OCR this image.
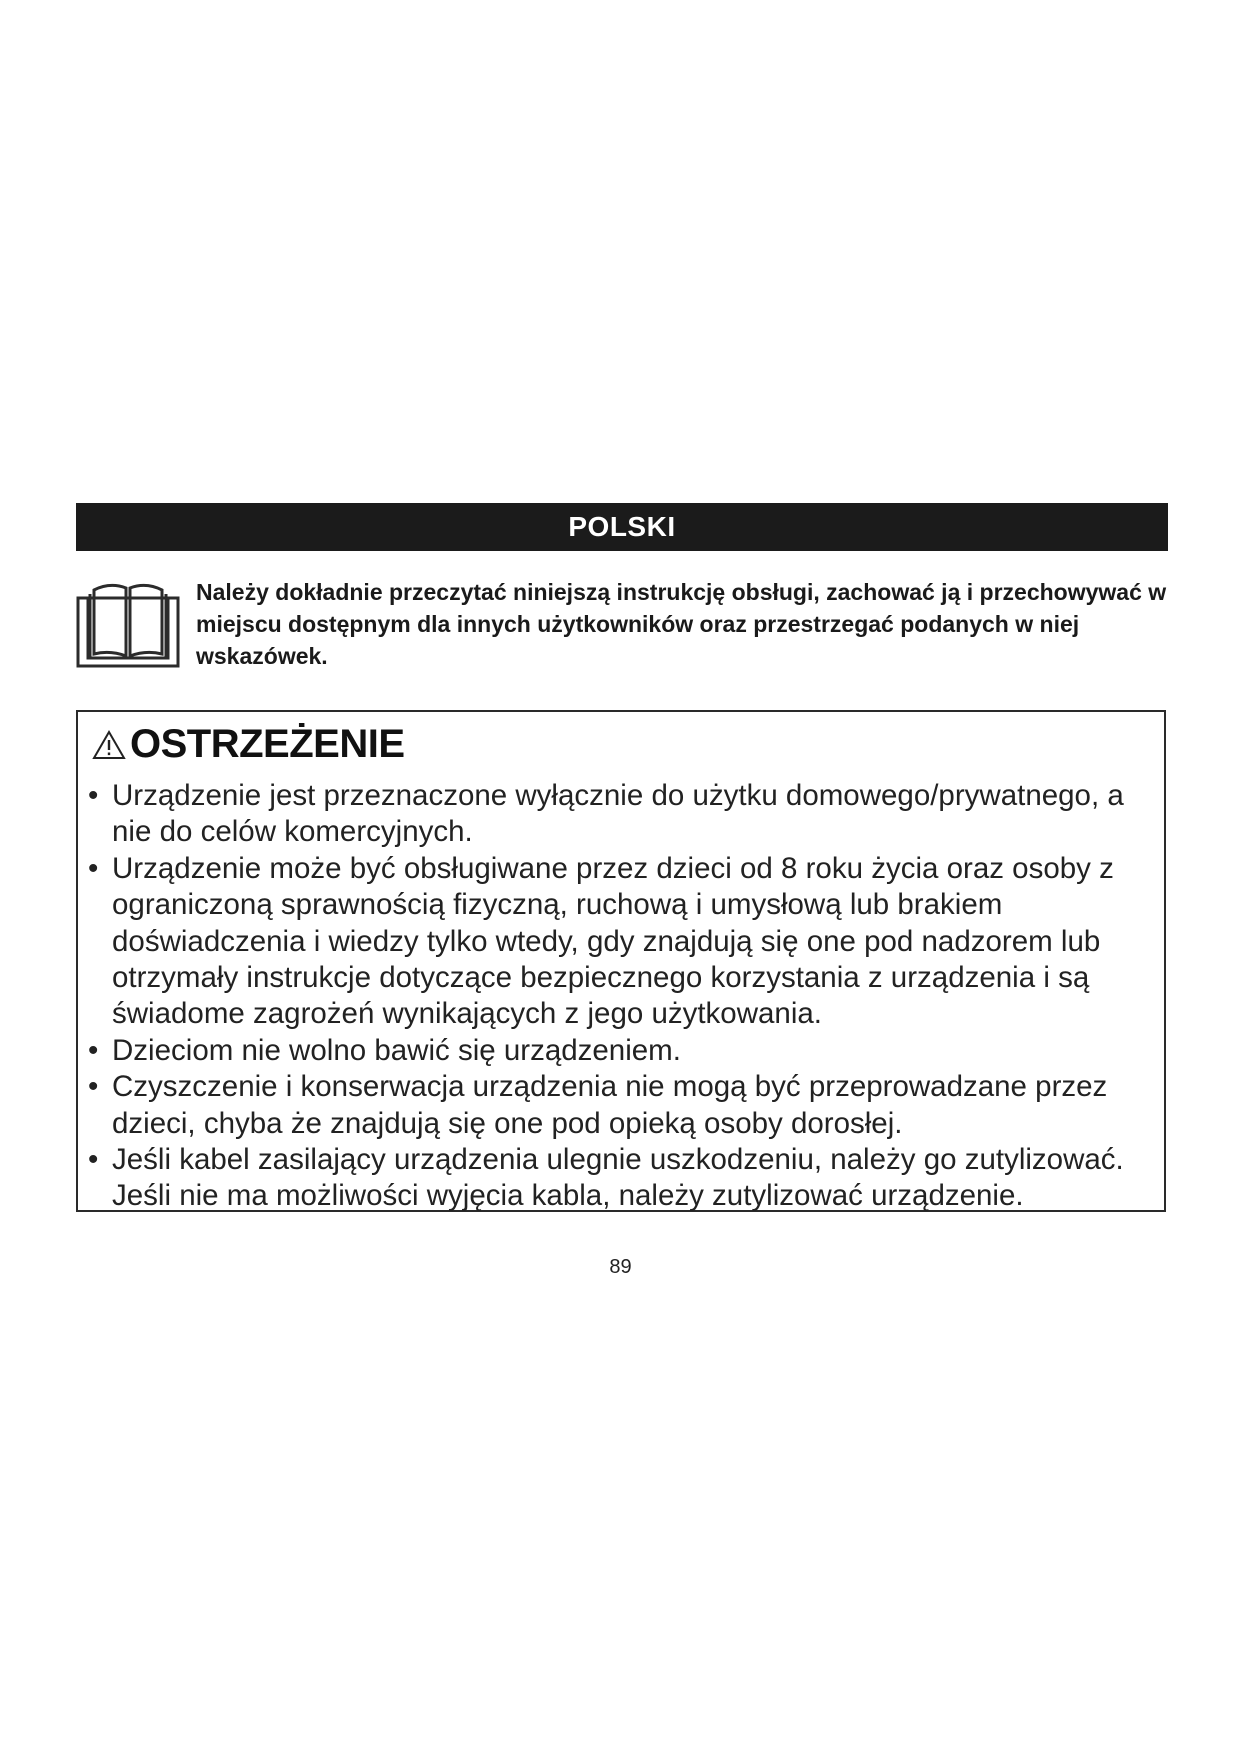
POLSKI
Należy dokładnie przeczytać niniejszą instrukcję obsługi, zachować ją i przechowywać w miejscu dostępnym dla innych użytkowników oraz przestrzegać podanych w niej wskazówek.
OSTRZEŻENIE
• Urządzenie jest przeznaczone wyłącznie do użytku domowego/prywatnego, a nie do celów komercyjnych.
• Urządzenie może być obsługiwane przez dzieci od 8 roku życia oraz osoby z ograniczoną sprawnością fizyczną, ruchową i umysłową lub brakiem doświadczenia i wiedzy tylko wtedy, gdy znajdują się one pod nadzorem lub otrzymały instrukcje dotyczące bezpiecznego korzystania z urządzenia i są świadome zagrożeń wynikających z jego użytkowania.
• Dzieciom nie wolno bawić się urządzeniem.
• Czyszczenie i konserwacja urządzenia nie mogą być przeprowadzane przez dzieci, chyba że znajdują się one pod opieką osoby dorosłej.
• Jeśli kabel zasilający urządzenia ulegnie uszkodzeniu, należy go zutylizować. Jeśli nie ma możliwości wyjęcia kabla, należy zutylizować urządzenie.
89
